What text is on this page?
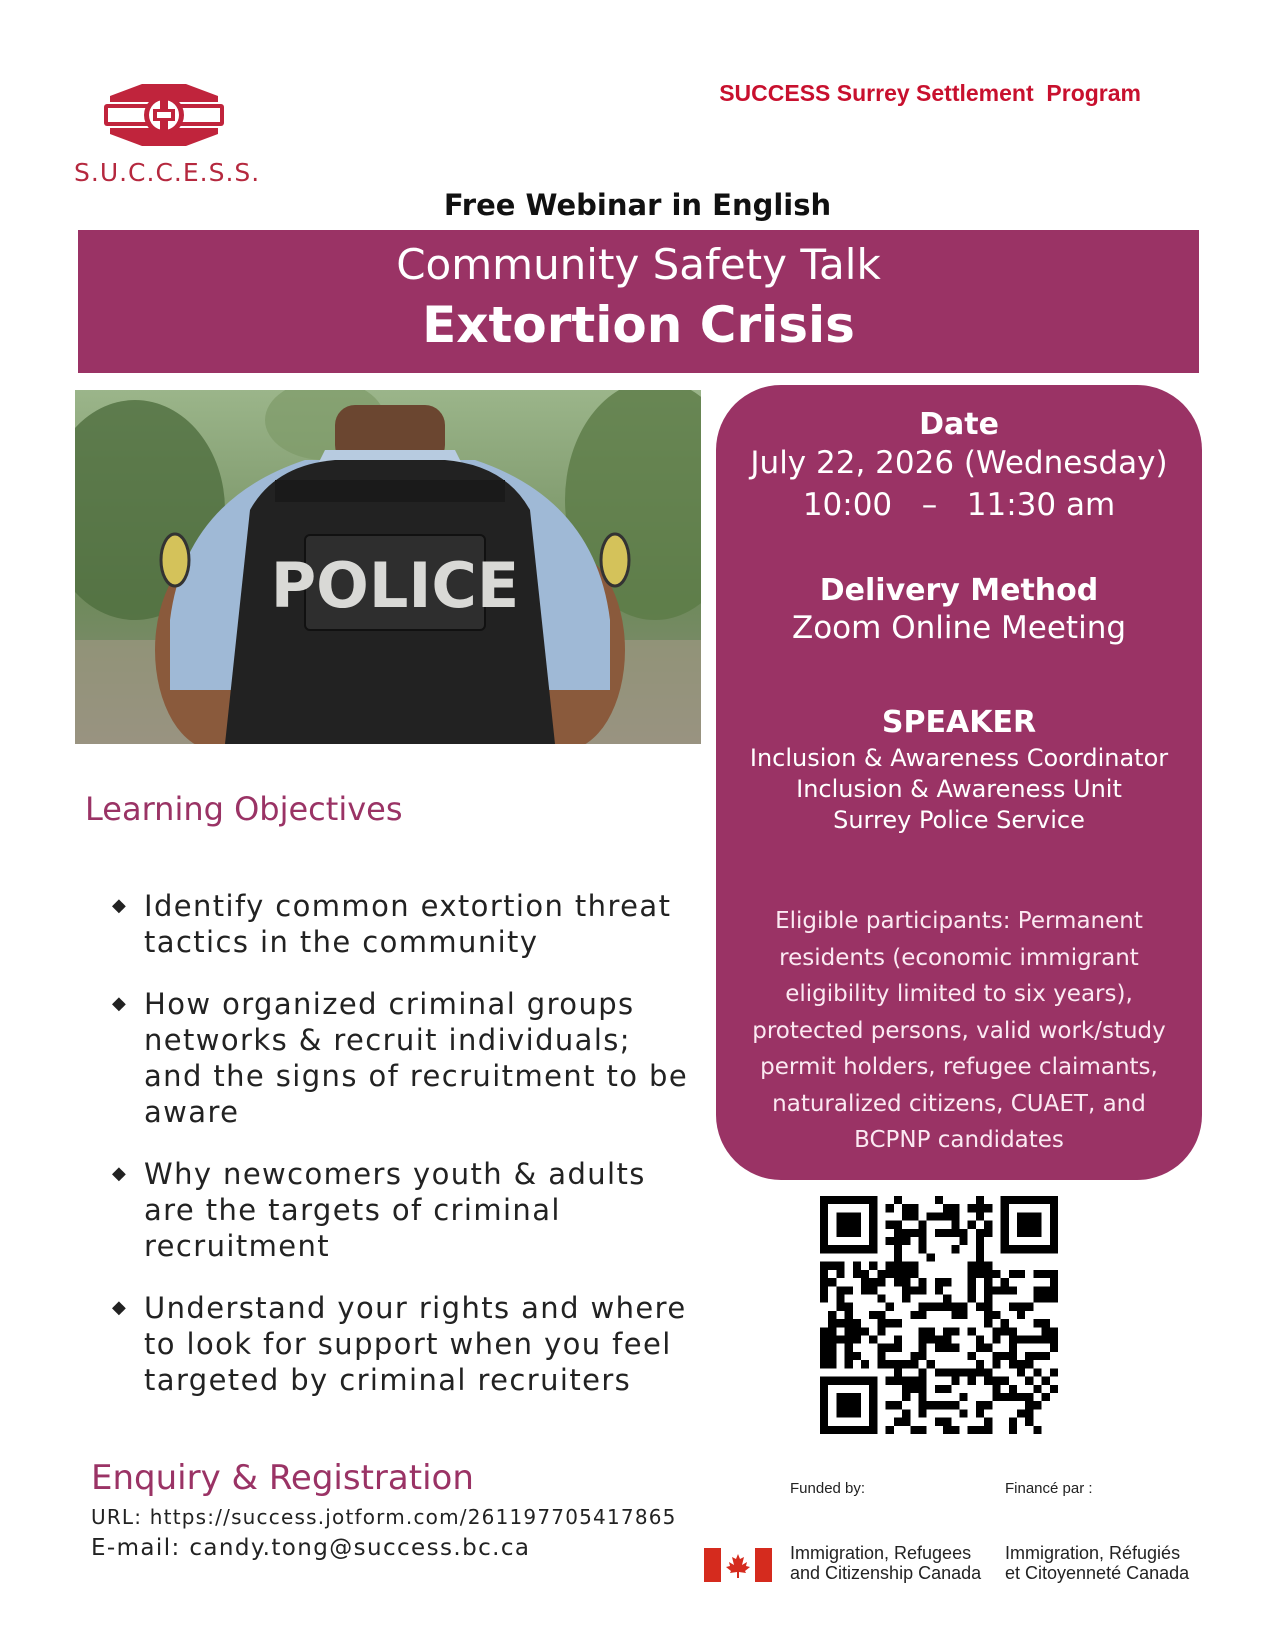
S.U.C.C.E.S.S.
SUCCESS Surrey Settlement  Program
Free Webinar in English
Community Safety Talk
Extortion Crisis
POLICE
Date
July 22, 2026 (Wednesday)
10:00   –   11:30 am
Delivery Method
Zoom Online Meeting
SPEAKER
Inclusion & Awareness Coordinator
Inclusion & Awareness Unit
Surrey Police Service
Eligible participants: Permanent residents (economic immigrant eligibility limited to six years), protected persons, valid work/study permit holders, refugee claimants, naturalized citizens, CUAET, and BCPNP candidates
Learning Objectives
◆ Identify common extortion threat tactics in the community
◆ How organized criminal groups networks & recruit individuals; and the signs of recruitment to be aware
◆ Why newcomers youth & adults are the targets of criminal recruitment
◆ Understand your rights and where to look for support when you feel targeted by criminal recruiters
Enquiry & Registration
URL: https://success.jotform.com/261197705417865
E-mail: candy.tong@success.bc.ca
Funded by:	Financé par :
Immigration, Refugees
and Citizenship Canada
Immigration, Réfugiés
et Citoyenneté Canada
